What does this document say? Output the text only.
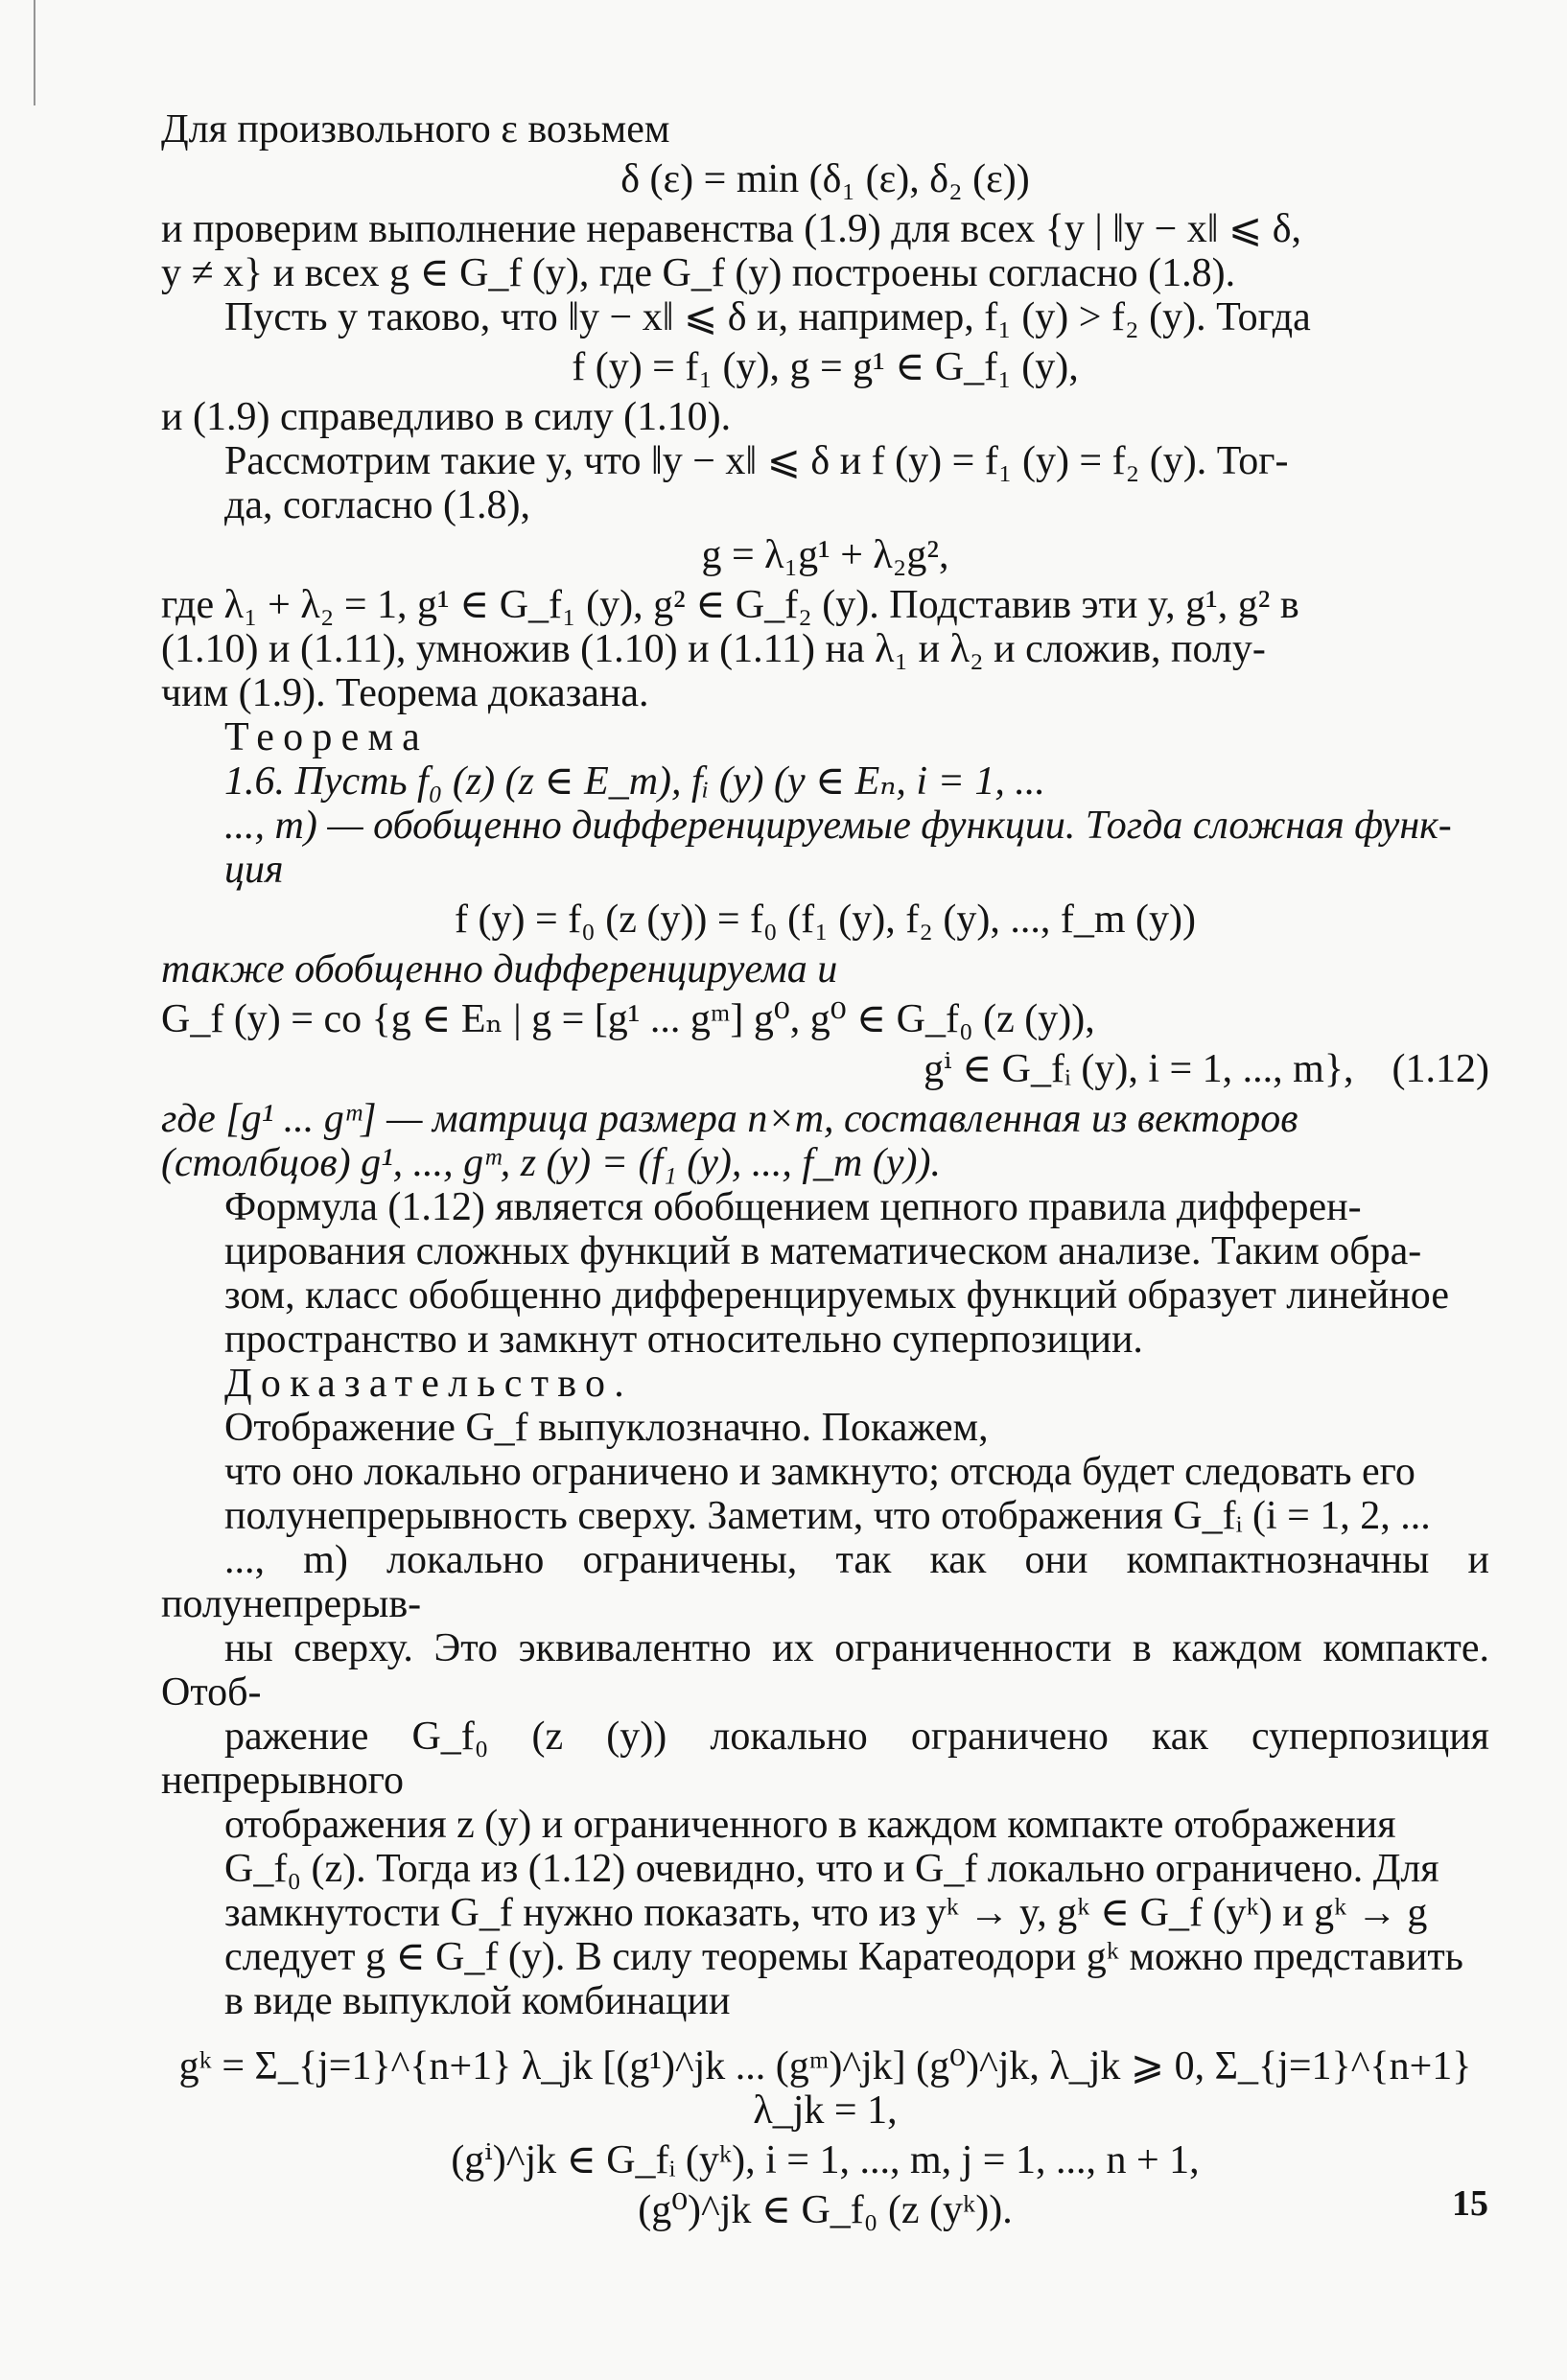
Для произвольного ε возьмем

δ (ε) = min (δ₁ (ε), δ₂ (ε))

и проверим выполнение неравенства (1.9) для всех {y | ‖y − x‖ ⩽ δ,
y ≠ x} и всех g ∈ G_f (y), где G_f (y) построены согласно (1.8).

Пусть y таково, что ‖y − x‖ ⩽ δ и, например, f₁ (y) > f₂ (y). Тогда

f (y) = f₁ (y), g = g¹ ∈ G_f₁ (y),

и (1.9) справедливо в силу (1.10).

Рассмотрим такие y, что ‖y − x‖ ⩽ δ и f (y) = f₁ (y) = f₂ (y). Тог-
да, согласно (1.8),

g = λ₁g¹ + λ₂g²,

где λ₁ + λ₂ = 1, g¹ ∈ G_f₁ (y), g² ∈ G_f₂ (y). Подставив эти y, g¹, g² в
(1.10) и (1.11), умножив (1.10) и (1.11) на λ₁ и λ₂ и сложив, полу-
чим (1.9). Теорема доказана.

Теорема
1.6. Пусть f₀ (z) (z ∈ E_m), fᵢ (y) (y ∈ Eₙ, i = 1, ...
..., m) — обобщенно дифференцируемые функции. Тогда сложная функ-
ция

f (y) = f₀ (z (y)) = f₀ (f₁ (y), f₂ (y), ..., f_m (y))

также обобщенно дифференцируема и

G_f (y) = co {g ∈ Eₙ | g = [g¹ ... gᵐ] g⁰, g⁰ ∈ G_f₀ (z (y)),
gⁱ ∈ G_fᵢ (y), i = 1, ..., m}, (1.12)

где [g¹ ... gᵐ] — матрица размера n×m, составленная из векторов
(столбцов) g¹, ..., gᵐ, z (y) = (f₁ (y), ..., f_m (y)).

Формула (1.12) является обобщением цепного правила дифферен-
цирования сложных функций в математическом анализе. Таким обра-
зом, класс обобщенно дифференцируемых функций образует линейное
пространство и замкнут относительно суперпозиции.

Доказательство.
Отображение G_f выпуклозначно. Покажем,
что оно локально ограничено и замкнуто; отсюда будет следовать его
полунепрерывность сверху. Заметим, что отображения G_fᵢ (i = 1, 2, ...
..., m) локально ограничены, так как они компактнозначны и полунепрерыв-
ны сверху. Это эквивалентно их ограниченности в каждом компакте. Отоб-
ражение G_f₀ (z (y)) локально ограничено как суперпозиция непрерывного
отображения z (y) и ограниченного в каждом компакте отображения
G_f₀ (z). Тогда из (1.12) очевидно, что и G_f локально ограничено. Для
замкнутости G_f нужно показать, что из yᵏ → y, gᵏ ∈ G_f (yᵏ) и gᵏ → g
следует g ∈ G_f (y). В силу теоремы Каратеодори gᵏ можно представить
в виде выпуклой комбинации

gᵏ = Σ_{j=1}^{n+1} λ_jk [(g¹)^jk ... (gᵐ)^jk] (g⁰)^jk, λ_jk ⩾ 0, Σ_{j=1}^{n+1} λ_jk = 1,
(gⁱ)^jk ∈ G_fᵢ (yᵏ), i = 1, ..., m, j = 1, ..., n + 1,
(g⁰)^jk ∈ G_f₀ (z (yᵏ)).	15
